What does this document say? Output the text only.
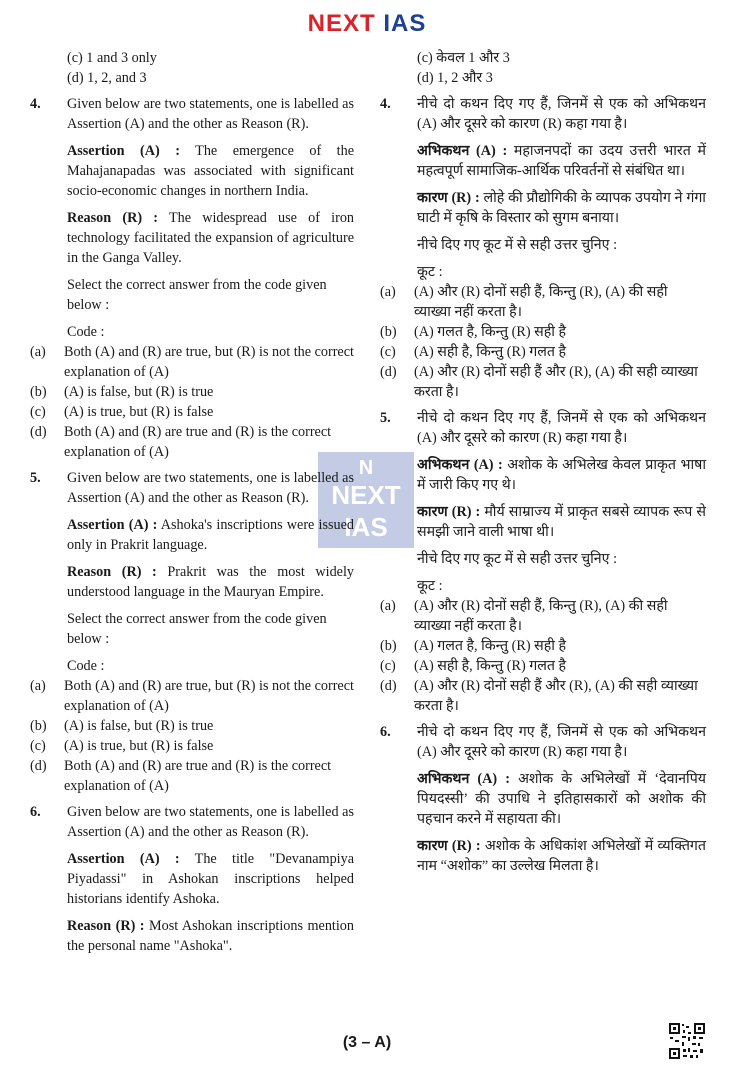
NEXT IAS
N
NEXT
IAS
(c) 1 and 3 only
(d) 1, 2, and 3
4. Given below are two statements, one is labelled as Assertion (A) and the other as Reason (R).

Assertion (A) : The emergence of the Mahajanapadas was associated with significant socio-economic changes in northern India.

Reason (R) : The widespread use of iron technology facilitated the expansion of agriculture in the Ganga Valley.

Select the correct answer from the code given below :

Code :

(a) Both (A) and (R) are true, but (R) is not the correct explanation of (A)
(b) (A) is false, but (R) is true
(c) (A) is true, but (R) is false
(d) Both (A) and (R) are true and (R) is the correct explanation of (A)
5. Given below are two statements, one is labelled as Assertion (A) and the other as Reason (R).

Assertion (A) : Ashoka's inscriptions were issued only in Prakrit language.

Reason (R) : Prakrit was the most widely understood language in the Mauryan Empire.

Select the correct answer from the code given below :

Code :

(a) Both (A) and (R) are true, but (R) is not the correct explanation of (A)
(b) (A) is false, but (R) is true
(c) (A) is true, but (R) is false
(d) Both (A) and (R) are true and (R) is the correct explanation of (A)
6. Given below are two statements, one is labelled as Assertion (A) and the other as Reason (R).

Assertion (A) : The title "Devanampiya Piyadassi" in Ashokan inscriptions helped historians identify Ashoka.

Reason (R) : Most Ashokan inscriptions mention the personal name "Ashoka".

(c) केवल 1 और 3
(d) 1, 2 और 3
4. नीचे दो कथन दिए गए हैं, जिनमें से एक को अभिकथन (A) और दूसरे को कारण (R) कहा गया है।

अभिकथन (A) : महाजनपदों का उदय उत्तरी भारत में महत्वपूर्ण सामाजिक-आर्थिक परिवर्तनों से संबंधित था।

कारण (R) : लोहे की प्रौद्योगिकी के व्यापक उपयोग ने गंगा घाटी में कृषि के विस्तार को सुगम बनाया।

नीचे दिए गए कूट में से सही उत्तर चुनिए :

कूट :

(a) (A) और (R) दोनों सही हैं, किन्तु (R), (A) की सही व्याख्या नहीं करता है।
(b) (A) गलत है, किन्तु (R) सही है
(c) (A) सही है, किन्तु (R) गलत है
(d) (A) और (R) दोनों सही हैं और (R), (A) की सही व्याख्या करता है।
5. नीचे दो कथन दिए गए हैं, जिनमें से एक को अभिकथन (A) और दूसरे को कारण (R) कहा गया है।

अभिकथन (A) : अशोक के अभिलेख केवल प्राकृत भाषा में जारी किए गए थे।

कारण (R) : मौर्य साम्राज्य में प्राकृत सबसे व्यापक रूप से समझी जाने वाली भाषा थी।

नीचे दिए गए कूट में से सही उत्तर चुनिए :

कूट :

(a) (A) और (R) दोनों सही हैं, किन्तु (R), (A) की सही व्याख्या नहीं करता है।
(b) (A) गलत है, किन्तु (R) सही है
(c) (A) सही है, किन्तु (R) गलत है
(d) (A) और (R) दोनों सही हैं और (R), (A) की सही व्याख्या करता है।
6. नीचे दो कथन दिए गए हैं, जिनमें से एक को अभिकथन (A) और दूसरे को कारण (R) कहा गया है।

अभिकथन (A) : अशोक के अभिलेखों में ‘देवानपिय पियदस्सी’ की उपाधि ने इतिहासकारों को अशोक की पहचान करने में सहायता की।

कारण (R) : अशोक के अधिकांश अभिलेखों में व्यक्तिगत नाम “अशोक” का उल्लेख मिलता है।

(3 – A)
